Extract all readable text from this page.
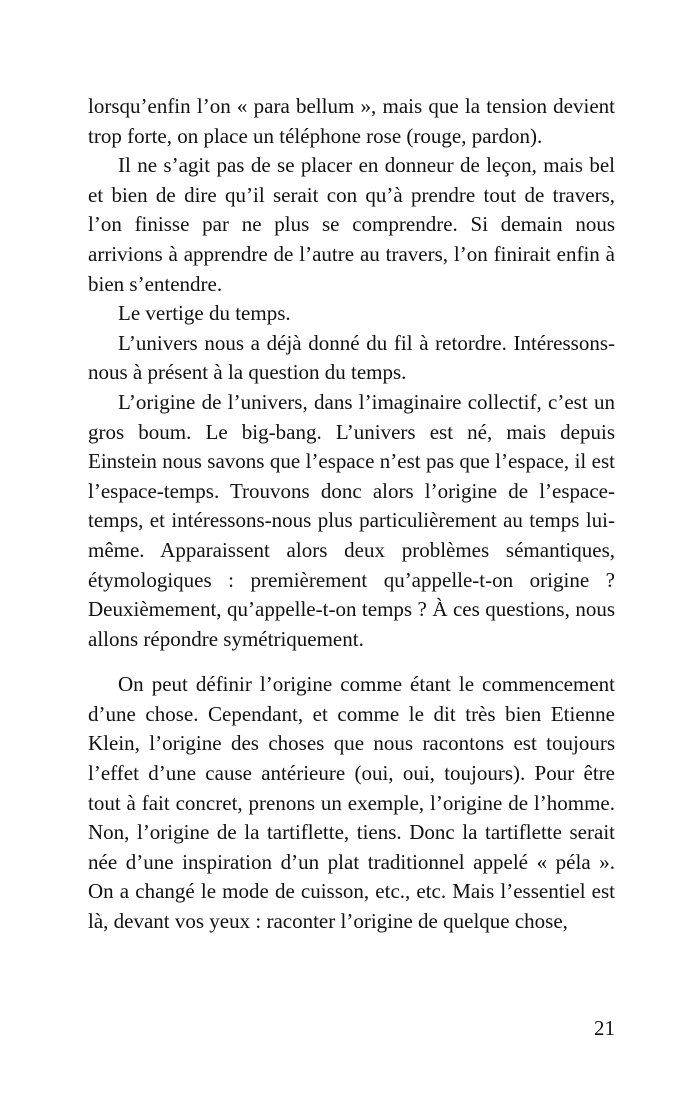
lorsqu’enfin l’on « para bellum », mais que la tension devient trop forte, on place un téléphone rose (rouge, pardon).

Il ne s’agit pas de se placer en donneur de leçon, mais bel et bien de dire qu’il serait con qu’à prendre tout de travers, l’on finisse par ne plus se comprendre. Si demain nous arrivions à apprendre de l’autre au travers, l’on finirait enfin à bien s’entendre.

Le vertige du temps.

L’univers nous a déjà donné du fil à retordre. Intéressons-nous à présent à la question du temps.

L’origine de l’univers, dans l’imaginaire collectif, c’est un gros boum. Le big-bang. L’univers est né, mais depuis Einstein nous savons que l’espace n’est pas que l’espace, il est l’espace-temps. Trouvons donc alors l’origine de l’espace-temps, et intéressons-nous plus particulièrement au temps lui-même. Apparaissent alors deux problèmes sémantiques, étymologiques : premièrement qu’appelle-t-on origine ? Deuxièmement, qu’appelle-t-on temps ? À ces questions, nous allons répondre symétriquement.

On peut définir l’origine comme étant le commencement d’une chose. Cependant, et comme le dit très bien Etienne Klein, l’origine des choses que nous racontons est toujours l’effet d’une cause antérieure (oui, oui, toujours). Pour être tout à fait concret, prenons un exemple, l’origine de l’homme. Non, l’origine de la tartiflette, tiens. Donc la tartiflette serait née d’une inspiration d’un plat traditionnel appelé « péla ». On a changé le mode de cuisson, etc., etc. Mais l’essentiel est là, devant vos yeux : raconter l’origine de quelque chose,

21
